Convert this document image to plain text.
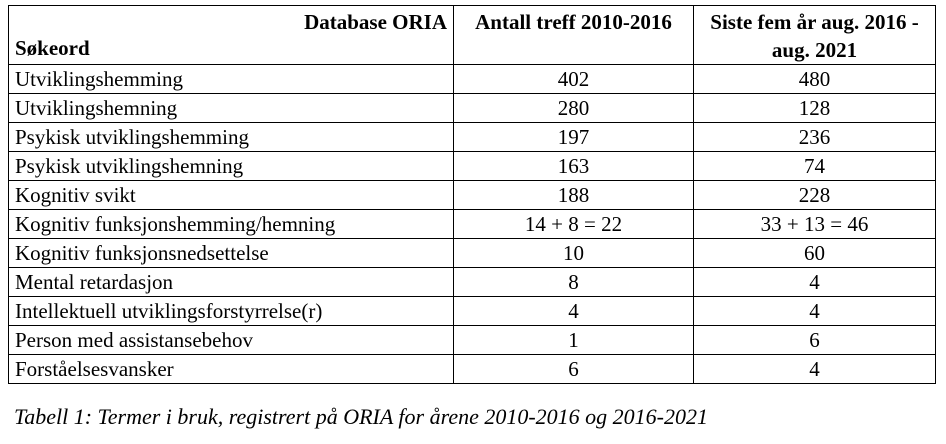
Database ORIA
Søkeord	Antall treff 2010-2016	Siste fem år aug. 2016 - aug. 2021
Utviklingshemming	402	480
Utviklingshemning	280	128
Psykisk utviklingshemming	197	236
Psykisk utviklingshemning	163	74
Kognitiv svikt	188	228
Kognitiv funksjonshemming/hemning	14 + 8 = 22	33 + 13 = 46
Kognitiv funksjonsnedsettelse	10	60
Mental retardasjon	8	4
Intellektuell utviklingsforstyrrelse(r)	4	4
Person med assistansebehov	1	6
Forståelsesvansker	6	4
Tabell 1: Termer i bruk, registrert på ORIA for årene 2010-2016 og 2016-2021
